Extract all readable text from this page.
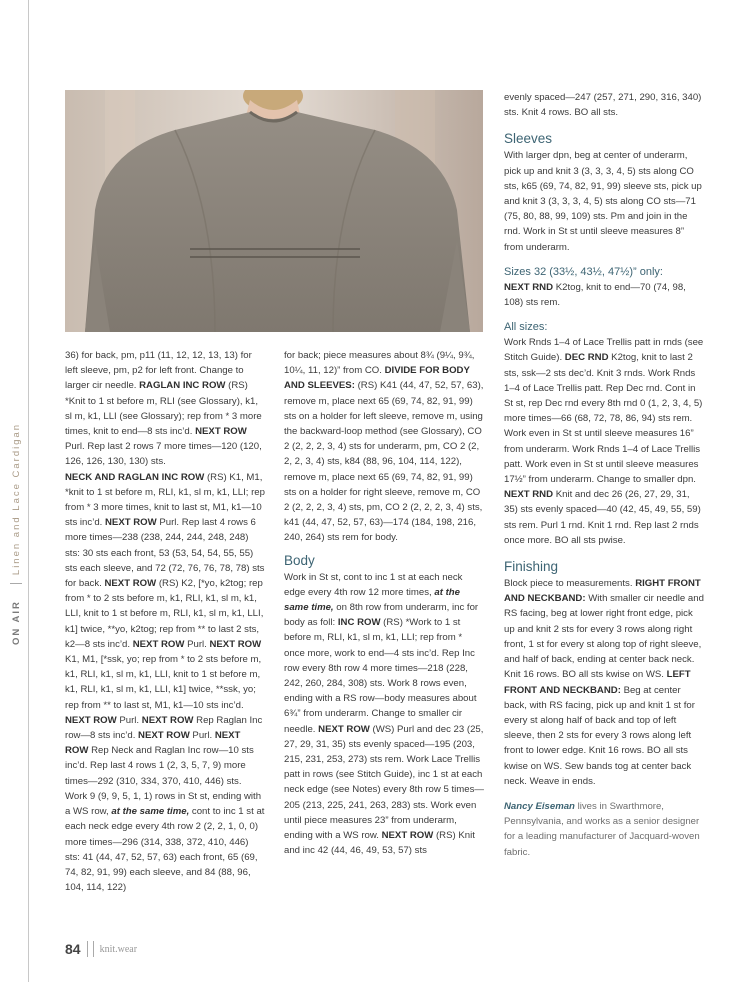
ON AIR
Linen and Lace Cardigan

36) for back, pm, p11 (11, 12, 12, 13, 13) for left sleeve, pm, p2 for left front. Change to larger cir needle. RAGLAN INC ROW (RS) *Knit to 1 st before m, RLI (see Glossary), k1, sl m, k1, LLI (see Glossary); rep from * 3 more times, knit to end—8 sts inc’d. NEXT ROW Purl. Rep last 2 rows 7 more times—120 (120, 126, 126, 130, 130) sts.

NECK AND RAGLAN INC ROW (RS) K1, M1, *knit to 1 st before m, RLI, k1, sl m, k1, LLI; rep from * 3 more times, knit to last st, M1, k1—10 sts inc’d. NEXT ROW Purl. Rep last 4 rows 6 more times—238 (238, 244, 244, 248, 248) sts: 30 sts each front, 53 (53, 54, 54, 55, 55) sts each sleeve, and 72 (72, 76, 76, 78, 78) sts for back. NEXT ROW (RS) K2, [*yo, k2tog; rep from * to 2 sts before m, k1, RLI, k1, sl m, k1, LLI, knit to 1 st before m, RLI, k1, sl m, k1, LLI, k1] twice, **yo, k2tog; rep from ** to last 2 sts, k2—8 sts inc’d. NEXT ROW Purl. NEXT ROW K1, M1, [*ssk, yo; rep from * to 2 sts before m, k1, RLI, k1, sl m, k1, LLI, knit to 1 st before m, k1, RLI, k1, sl m, k1, LLI, k1] twice, **ssk, yo; rep from ** to last st, M1, k1—10 sts inc’d. NEXT ROW Purl. NEXT ROW Rep Raglan Inc row—8 sts inc’d. NEXT ROW Purl. NEXT ROW Rep Neck and Raglan Inc row—10 sts inc’d. Rep last 4 rows 1 (2, 3, 5, 7, 9) more times—292 (310, 334, 370, 410, 446) sts. Work 9 (9, 9, 5, 1, 1) rows in St st, ending with a WS row, at the same time, cont to inc 1 st at each neck edge every 4th row 2 (2, 2, 1, 0, 0) more times—296 (314, 338, 372, 410, 446) sts: 41 (44, 47, 52, 57, 63) each front, 65 (69, 74, 82, 91, 99) each sleeve, and 84 (88, 96, 104, 114, 122)

for back; piece measures about 8¾ (9¼, 9¾, 10¼, 11, 12)” from CO. DIVIDE FOR BODY AND SLEEVES: (RS) K41 (44, 47, 52, 57, 63), remove m, place next 65 (69, 74, 82, 91, 99) sts on a holder for left sleeve, remove m, using the backward-loop method (see Glossary), CO 2 (2, 2, 2, 3, 4) sts for underarm, pm, CO 2 (2, 2, 2, 3, 4) sts, k84 (88, 96, 104, 114, 122), remove m, place next 65 (69, 74, 82, 91, 99) sts on a holder for right sleeve, remove m, CO 2 (2, 2, 2, 3, 4) sts, pm, CO 2 (2, 2, 2, 3, 4) sts, k41 (44, 47, 52, 57, 63)—174 (184, 198, 216, 240, 264) sts rem for body.

Body

Work in St st, cont to inc 1 st at each neck edge every 4th row 12 more times, at the same time, on 8th row from underarm, inc for body as foll: INC ROW (RS) *Work to 1 st before m, RLI, k1, sl m, k1, LLI; rep from * once more, work to end—4 sts inc’d. Rep Inc row every 8th row 4 more times—218 (228, 242, 260, 284, 308) sts. Work 8 rows even, ending with a RS row—body measures about 6¾” from underarm. Change to smaller cir needle. NEXT ROW (WS) Purl and dec 23 (25, 27, 29, 31, 35) sts evenly spaced—195 (203, 215, 231, 253, 273) sts rem. Work Lace Trellis patt in rows (see Stitch Guide), inc 1 st at each neck edge (see Notes) every 8th row 5 times—205 (213, 225, 241, 263, 283) sts. Work even until piece measures 23” from underarm, ending with a WS row. NEXT ROW (RS) Knit and inc 42 (44, 46, 49, 53, 57) sts

evenly spaced—247 (257, 271, 290, 316, 340) sts. Knit 4 rows. BO all sts.

Sleeves

With larger dpn, beg at center of underarm, pick up and knit 3 (3, 3, 3, 4, 5) sts along CO sts, k65 (69, 74, 82, 91, 99) sleeve sts, pick up and knit 3 (3, 3, 3, 4, 5) sts along CO sts—71 (75, 80, 88, 99, 109) sts. Pm and join in the rnd. Work in St st until sleeve measures 8” from underarm.

Sizes 32 (33½, 43½, 47½)” only:

NEXT RND K2tog, knit to end—70 (74, 98, 108) sts rem.

All sizes:

Work Rnds 1–4 of Lace Trellis patt in rnds (see Stitch Guide). DEC RND K2tog, knit to last 2 sts, ssk—2 sts dec’d. Knit 3 rnds. Work Rnds 1–4 of Lace Trellis patt. Rep Dec rnd. Cont in St st, rep Dec rnd every 8th rnd 0 (1, 2, 3, 4, 5) more times—66 (68, 72, 78, 86, 94) sts rem. Work even in St st until sleeve measures 16” from underarm. Work Rnds 1–4 of Lace Trellis patt. Work even in St st until sleeve measures 17½” from underarm. Change to smaller dpn. NEXT RND Knit and dec 26 (26, 27, 29, 31, 35) sts evenly spaced—40 (42, 45, 49, 55, 59) sts rem. Purl 1 rnd. Knit 1 rnd. Rep last 2 rnds once more. BO all sts pwise.

Finishing

Block piece to measurements. RIGHT FRONT AND NECKBAND: With smaller cir needle and RS facing, beg at lower right front edge, pick up and knit 2 sts for every 3 rows along right front, 1 st for every st along top of right sleeve, and half of back, ending at center back neck. Knit 16 rows. BO all sts kwise on WS. LEFT FRONT AND NECKBAND: Beg at center back, with RS facing, pick up and knit 1 st for every st along half of back and top of left sleeve, then 2 sts for every 3 rows along left front to lower edge. Knit 16 rows. BO all sts kwise on WS. Sew bands tog at center back neck. Weave in ends.

Nancy Eiseman lives in Swarthmore, Pennsylvania, and works as a senior designer for a leading manufacturer of Jacquard-woven fabric.

84 knit.wear
